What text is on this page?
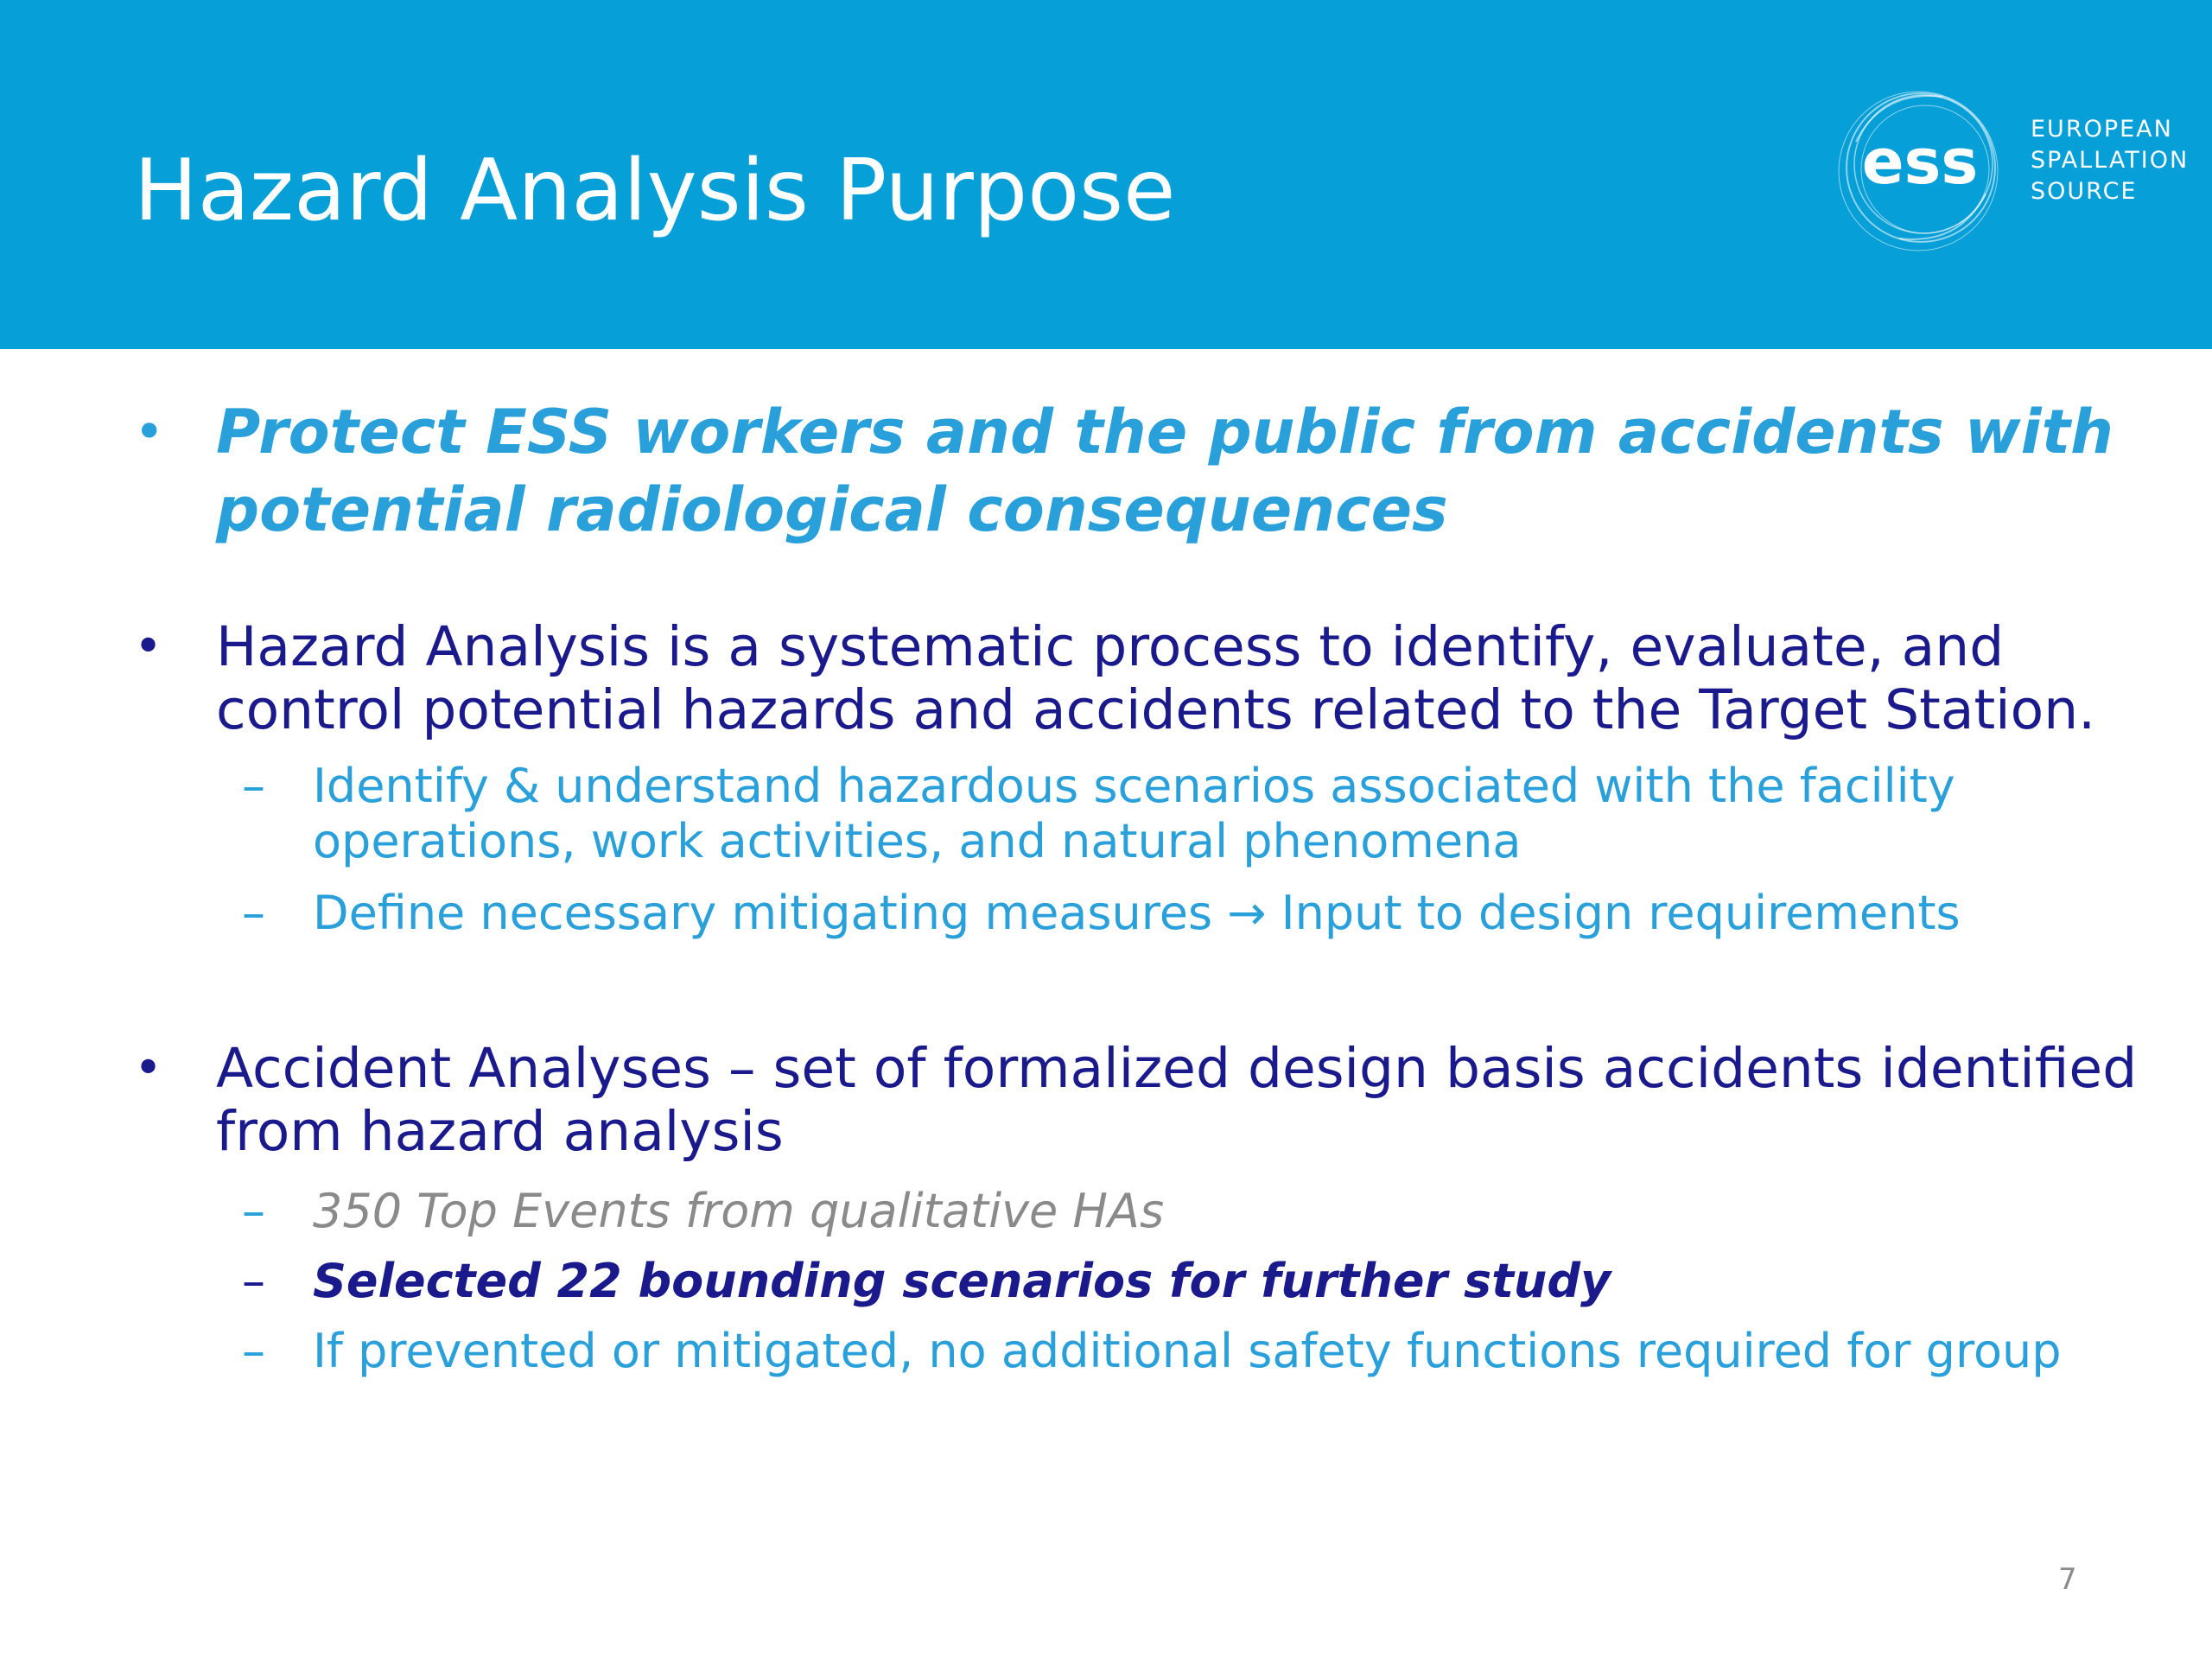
Hazard Analysis Purpose	ess EUROPEAN
SPALLATION
SOURCE
• Protect ESS workers and the public from accidents with
potential radiological consequences
• Hazard Analysis is a systematic process to identify, evaluate, and
control potential hazards and accidents related to the Target Station.
– Identify & understand hazardous scenarios associated with the facility
operations, work activities, and natural phenomena
– Define necessary mitigating measures → Input to design requirements
• Accident Analyses – set of formalized design basis accidents identified
from hazard analysis
– 350 Top Events from qualitative HAs
– Selected 22 bounding scenarios for further study
– If prevented or mitigated, no additional safety functions required for group
7
